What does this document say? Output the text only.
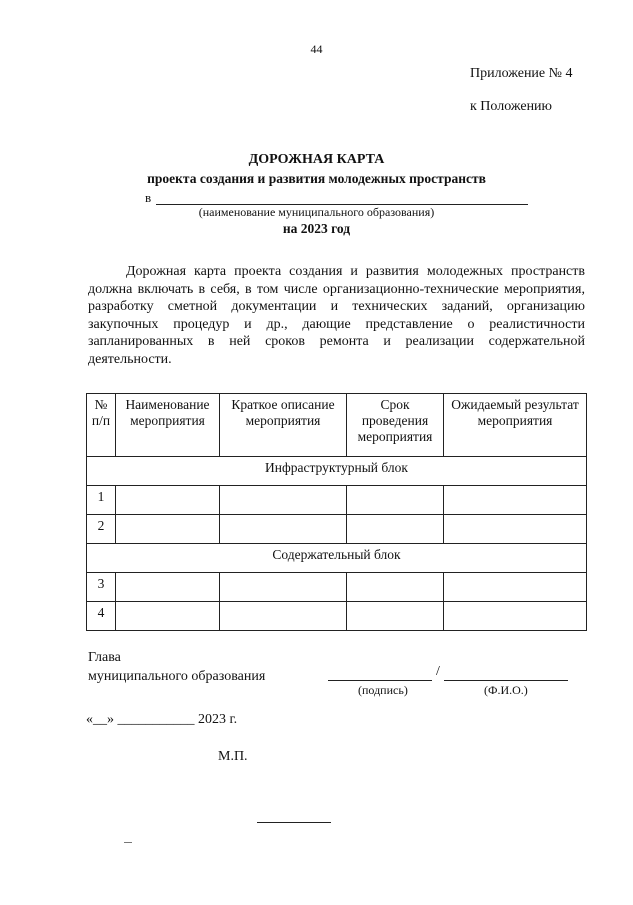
44
Приложение № 4
к Положению
ДОРОЖНАЯ КАРТА
проекта создания и развития молодежных пространств
в
(наименование муниципального образования)
на 2023 год
Дорожная карта проекта создания и развития молодежных пространств должна включать в себя, в том числе организационно-технические мероприятия, разработку сметной документации и технических заданий, организацию закупочных процедур и др., дающие представление о реалистичности запланированных в ней сроков ремонта и реализации содержательной деятельности.
№ п/п	Наименование мероприятия	Краткое описание мероприятия	Срок проведения мероприятия	Ожидаемый результат мероприятия
Инфраструктурный блок				
1				
2				
Содержательный блок				
3				
4				
Глава
муниципального образования	/
(подпись)	(Ф.И.О.)
«__» ___________ 2023 г.
М.П.
